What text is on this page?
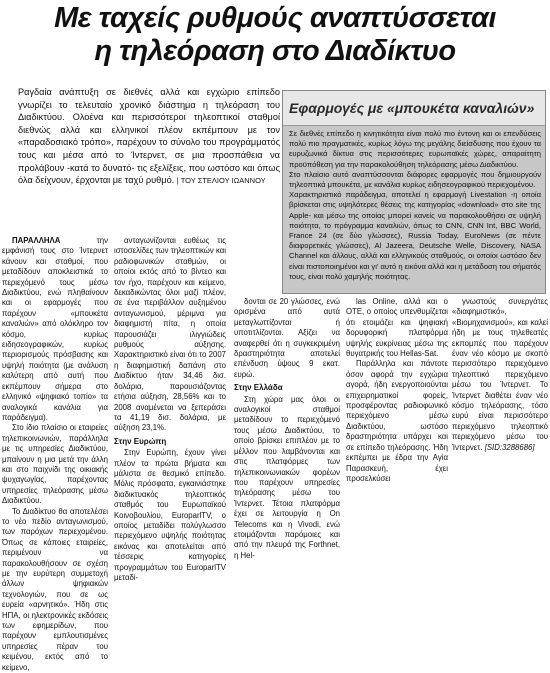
Με ταχείς ρυθμούς αναπτύσσεται
η τηλεόραση στο Διαδίκτυο
Ραγδαία ανάπτυξη σε διεθνές αλλά και εγχώριο επίπεδο γνωρίζει το τελευταίο χρονικό διάστημα η τηλεόραση του Διαδικτύου. Ολοένα και περισσότεροι τηλεοπτικοί σταθμοί διεθνώς αλλά και ελληνικοί πλέον εκπέμπουν με τον «παραδοσιακό τρόπο», παρέχουν το σύνολο του προγράμματός τους και μέσα από το Ίντερνετ, σε μια προσπάθεια να προλάβουν -κατά το δυνατό- τις εξελίξεις, που ωστόσο και όπως όλα δείχνουν, έρχονται με ταχύ ρυθμό. | ΤΟΥ ΣΤΕΛΙΟΥ ΙΩΑΝΝΟΥ
Εφαρμογές με «μπουκέτα καναλιών»

Σε διεθνές επίπεδο η κινητικότητα είναι πολύ πιο έντονη και οι επενδύσεις πολύ πιο πραγματικές, κυρίως λόγω της μεγάλης διείσδυσης που έχουν τα ευρυζωνικά δίκτυα στις περισσότερες ευρωπαϊκές χώρες, απαραίτητη προϋπόθεση για την παρακολούθηση τηλεόρασης μέσω Διαδικτύου.

Στο πλαίσιο αυτό αναπτύσσονται διάφορες εφαρμογές που δημιουργούν τηλεοπτικά μπουκέτα, με κανάλια κυρίως ειδησεογραφικού περιεχομένου.

Χαρακτηριστικό παράδειγμα, αποτελεί η εφαρμογή Livestation -η οποία βρίσκεται στις υψηλότερες θέσεις της κατηγορίας «download» στο site της Apple- και μέσω της οποίας μπορεί κανείς να παρακολουθήσει σε υψηλή ποιότητα, το πρόγραμμα καναλιών, όπως το CNN, CNN Int, BBC World, France 24 (σε δύο γλώσσες), Russia Today, EuroNews (σε πέντε διαφορετικές γλώσσες), Al Jazeera, Deutsche Welle, Discovery, NASA Channel και άλλους, αλλά και ελληνικούς σταθμούς, οι οποίοι ωστόσο δεν είναι πιστοποιημένοι και γι' αυτό η εικόνα αλλά και η μετάδοση του σήματός τους, είναι πολύ χαμηλής ποιότητας.

ΠΑΡΑΛΛΗΛΑ	την εμφάνισή τους στο Ίντερνετ κάνουν και σταθμοί, που μεταδίδουν αποκλειστικά το περιεχόμενό τους μέσω Διαδικτύου, ενώ πληθαίνουν και οι εφαρμογές που παρέχουν «μπουκέτα καναλιών» από ολόκληρο τον κόσμο, κυρίως ειδησεογραφικών, κυρίως περιορισμούς πρόσβασης και υψηλή ποιότητα (με ανάλυση καλύτερη από αυτή που εκπέμπουν σήμερα στο ελληνικό «ψηφιακό τοπίο» τα αναλογικά κανάλια για παράδειγμα).

Στο ίδιο πλαίσιο οι εταιρείες τηλεπικοινωνιών, παράλληλα με τις υπηρεσίες Διαδικτύου, μπαίνουν η μια μετά την άλλη και στο παιχνίδι της οικιακής ψυχαγωγίας, παρέχοντας υπηρεσίες τηλεόρασης μέσω Διαδικτύου.

Το Διαδίκτυο θα αποτελέσει το νέο πεδίο ανταγωνισμού, των παρόχων περιεχομένου. Όπως σε κάποιες εταιρείες, περιμένουν να παρακολουθήσουν σε σχέση με την ευρύτερη συμμετοχή άλλων ψηφιακών τεχνολογιών, που σε ως ευρεία «αρνητικό». Ήδη στις ΗΠΑ, οι ηλεκτρονικές εκδόσεις των εφημερίδων, που παρέχουν εμπλουτισμένες υπηρεσίες πέραν του κειμένου, εκτός από το κείμενο,

ανταγωνίζονται ευθέως τις ιστοσελίδες των τηλεοπτικών και ραδιοφωνικών σταθμών, οι οποίοι εκτός από το βίντεο και τον ήχο, παρέχουν και κείμενο, δεκαδικώντας όλοι μαζί πλέον, σε ένα περιβάλλον αυξημένου ανταγωνισμού, μέριμνα για διαφημιστή πίτα, η οποία παρουσιάζει ιλιγγιώδεις ρυθμούς αύξησης. Χαρακτηριστικό είναι ότι το 2007 η διαφημιστική δαπάνη στο Διαδίκτυο ήταν 34,46 δισ. δολάρια, παρουσιάζοντας ετήσια αύξηση, 28,56% και το 2008 αναμένεται να ξεπεράσει τα 41,19 δισ. δολάρια, με αύξηση 23,1%.

Στην Ευρώπη

Στην Ευρώπη, έχουν γίνει πλέον τα πρώτα βήματα και μάλιστα σε θεσμικό επίπεδο. Μόλις πρόσφατα, εγκαινιάστηκε διαδικτυακός τηλεοπτικός σταθμός του Ευρωπαϊκού Κοινοβουλίου, EuroparlTV, ο οποίος μεταδίδει πολύγλωσσο περιεχόμενο υψηλής ποιότητας εικόνας και αποτελείται από τέσσερις κατηγορίες προγραμμάτων του EuroparlTV μεταδί-

δονται σε 20 γλώσσες, ενώ ορισμένα από αυτά μεταγλωττίζονται ή υποτιτλίζονται. Αξίζει να αναφερθεί ότι η συγκεκριμένη δραστηριότητα αποτελεί επένδυση ύψους 9 εκατ. ευρώ.

Στην Ελλάδα

Στη χώρα μας όλοι οι αναλογικοί σταθμοί μεταδίδουν το περιεχόμενό τους μέσω Διαδικτύου, το οποίο βρίσκει επιπλέον με το μέλλον που λαμβάνονται και στις πλατφόρμες των τηλεπικοινωνιακών φορέων που παρέχουν υπηρεσίες τηλεόρασης μέσω του Ίντερνετ. Τέτοια πλατφόρμα έχει σε λειτουργία η On Telecoms και η Vivodi, ενώ ετοιμάζονται παρόμοιες και από την πλευρά της Forthnet, η Hel-

las Online, αλλά και ο ΟΤΕ, ο οποίος υπενθυμίζεται ότι ετοιμάζει και ψηφιακή δορυφορική πλατφόρμα υψηλής ευκρίνειας μέσω της θυγατρικής του Hellas-Sat.

Παράλληλα και πάντοτε όσον αφορά την εγχώρια αγορά, ήδη ενεργοποιούνται επιχειρηματικοί φορείς, προσφέροντας ραδιοφωνικό περιεχόμενο μέσω Διαδικτύου, ωστόσο δραστηριότητα υπάρχει και σε επίπεδο τηλεόρασης. Ήδη εκπέμπει με έδρα την Αγία Παρασκευή, έχει προσελκύσει

γνωστούς συνεργάτες «διαφημιστικό», «Βιομηχανισμού», και καλεί ήδη με τους τηλεθεατές εκπομπές που παρέχουν έναν νέο κόσμο με σκοπό περισσότερο περιεχόμενο τηλεοπτικό περιεχόμενο μέσω του Ίντερνετ. Το Ίντερνετ διαθέτει έναν νέο κόσμο τηλεόρασης, τόσο ευρύ είναι περισσότερο περιεχόμενο τηλεοπτικό περιεχόμενο μέσω του Ίντερνετ. [SID:3288686]
